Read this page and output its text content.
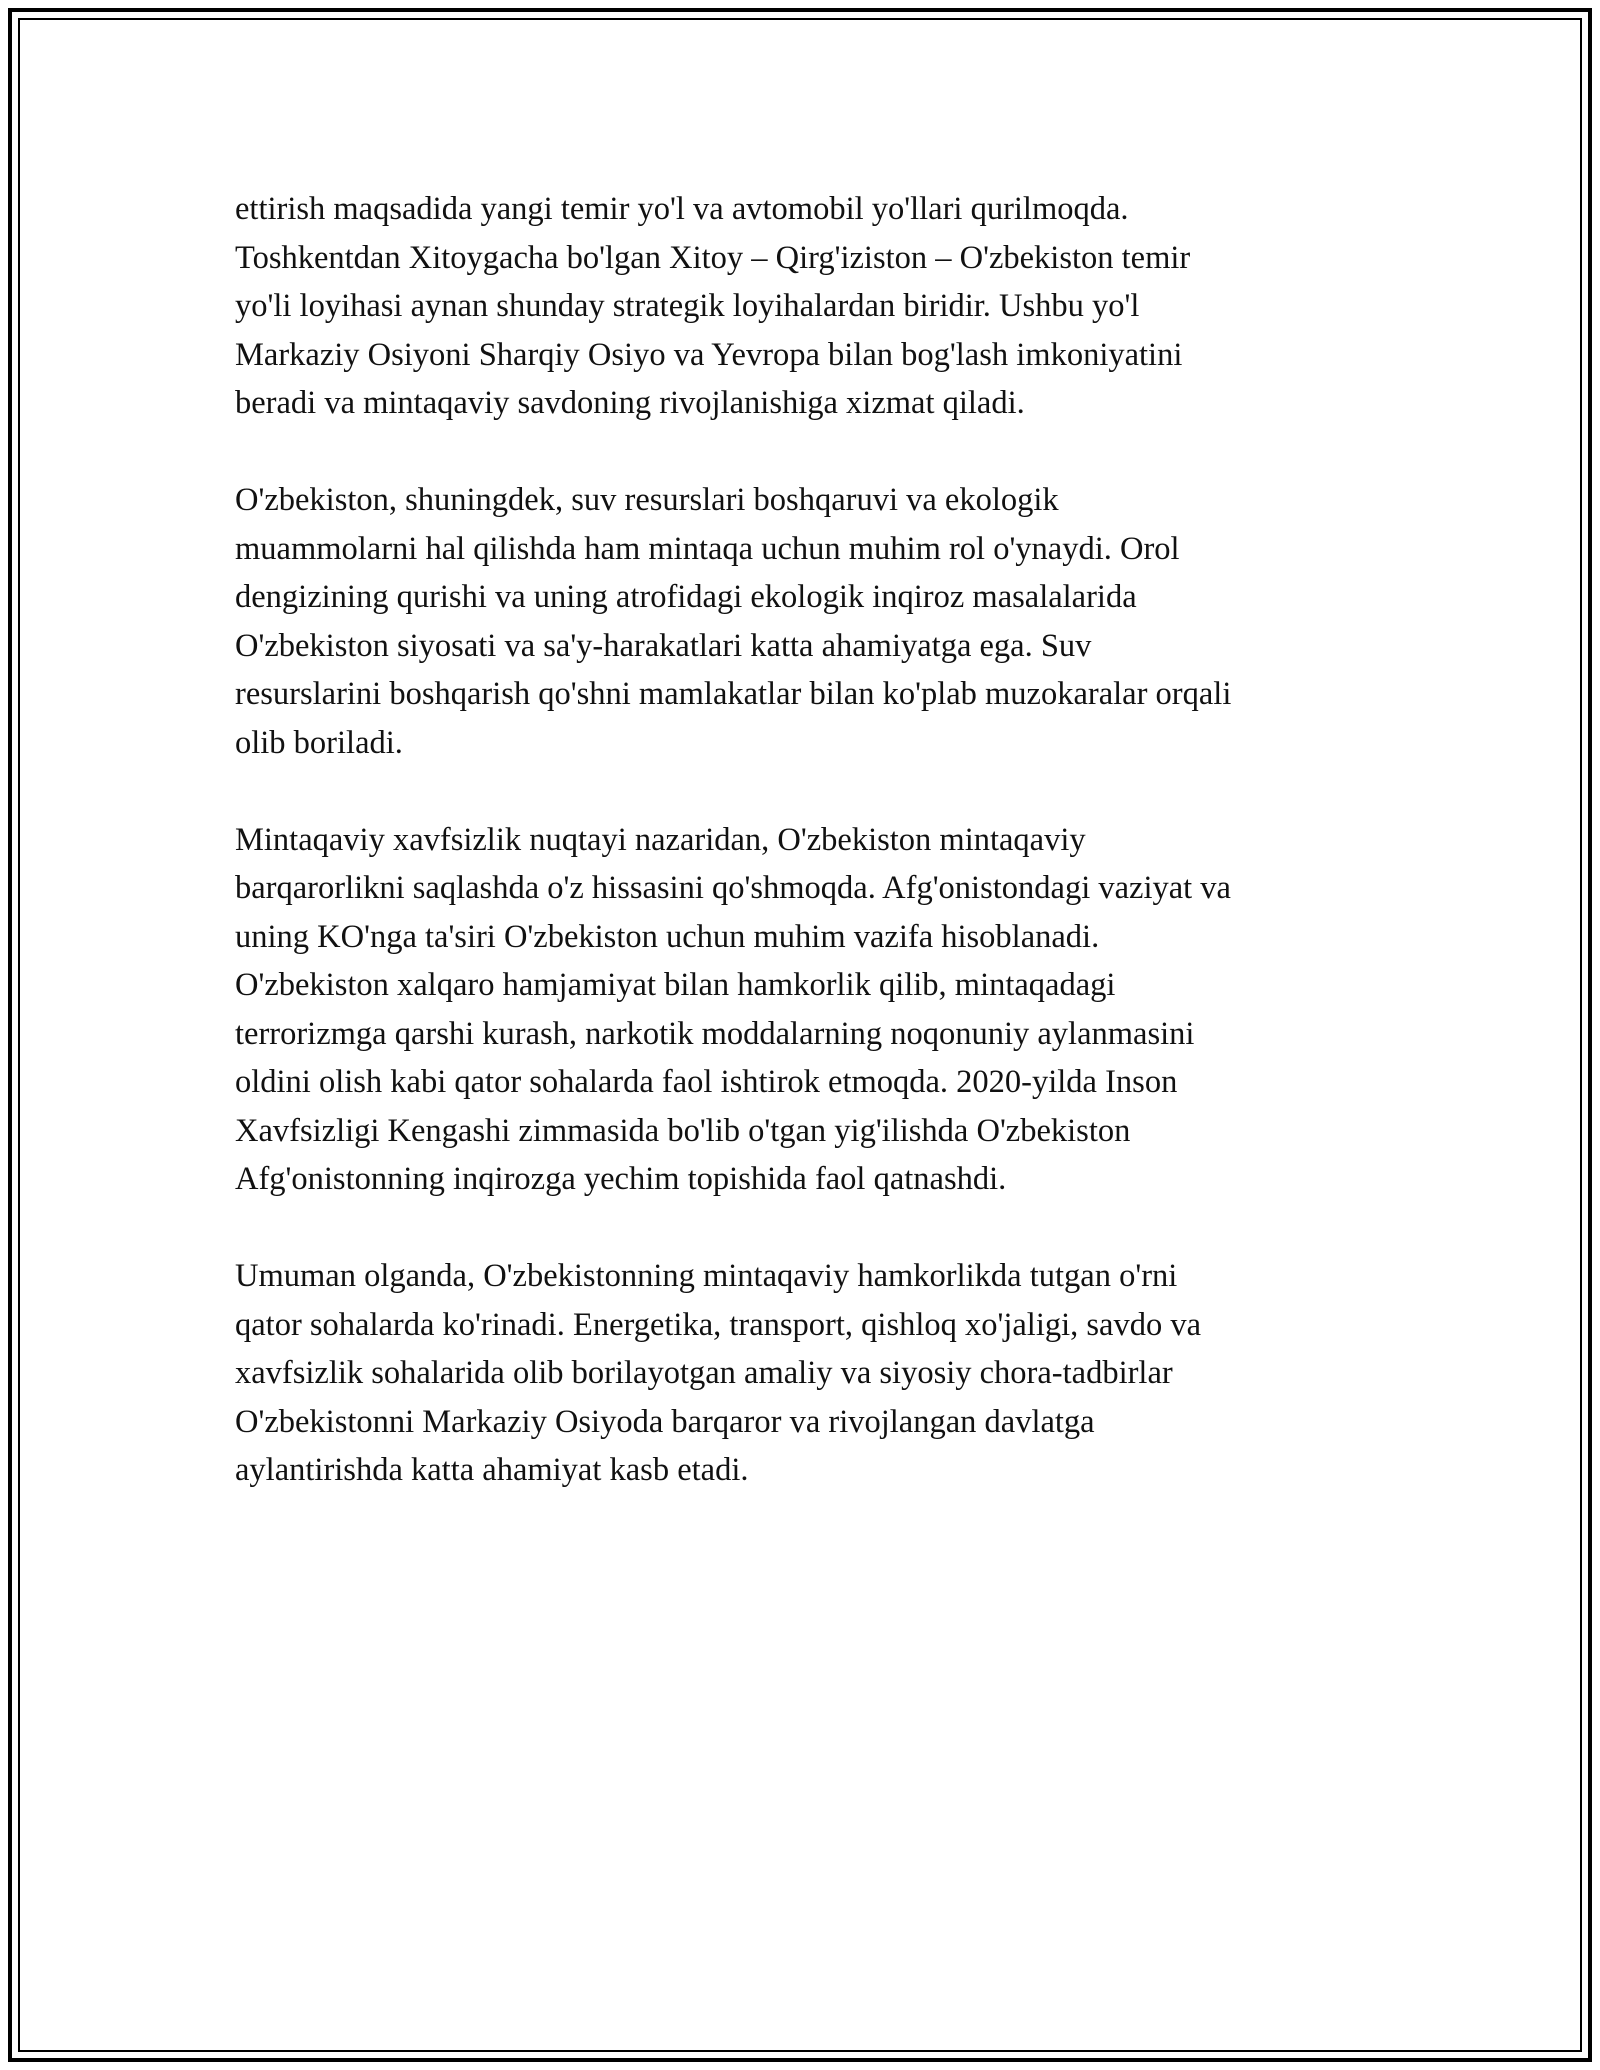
ettirish maqsadida yangi temir yo'l va avtomobil yo'llari qurilmoqda.
Toshkentdan Xitoygacha bo'lgan Xitoy – Qirg'iziston – O'zbekiston temir
yo'li loyihasi aynan shunday strategik loyihalardan biridir. Ushbu yo'l
Markaziy Osiyoni Sharqiy Osiyo va Yevropa bilan bog'lash imkoniyatini
beradi va mintaqaviy savdoning rivojlanishiga xizmat qiladi.

O'zbekiston, shuningdek, suv resurslari boshqaruvi va ekologik
muammolarni hal qilishda ham mintaqa uchun muhim rol o'ynaydi. Orol
dengizining qurishi va uning atrofidagi ekologik inqiroz masalalarida
O'zbekiston siyosati va sa'y-harakatlari katta ahamiyatga ega. Suv
resurslarini boshqarish qo'shni mamlakatlar bilan ko'plab muzokaralar orqali
olib boriladi.

Mintaqaviy xavfsizlik nuqtayi nazaridan, O'zbekiston mintaqaviy
barqarorlikni saqlashda o'z hissasini qo'shmoqda. Afg'onistondagi vaziyat va
uning KO'nga ta'siri O'zbekiston uchun muhim vazifa hisoblanadi.
O'zbekiston xalqaro hamjamiyat bilan hamkorlik qilib, mintaqadagi
terrorizmga qarshi kurash, narkotik moddalarning noqonuniy aylanmasini
oldini olish kabi qator sohalarda faol ishtirok etmoqda. 2020-yilda Inson
Xavfsizligi Kengashi zimmasida bo'lib o'tgan yig'ilishda O'zbekiston
Afg'onistonning inqirozga yechim topishida faol qatnashdi.

Umuman olganda, O'zbekistonning mintaqaviy hamkorlikda tutgan o'rni
qator sohalarda ko'rinadi. Energetika, transport, qishloq xo'jaligi, savdo va
xavfsizlik sohalarida olib borilayotgan amaliy va siyosiy chora-tadbirlar
O'zbekistonni Markaziy Osiyoda barqaror va rivojlangan davlatga
aylantirishda katta ahamiyat kasb etadi.
